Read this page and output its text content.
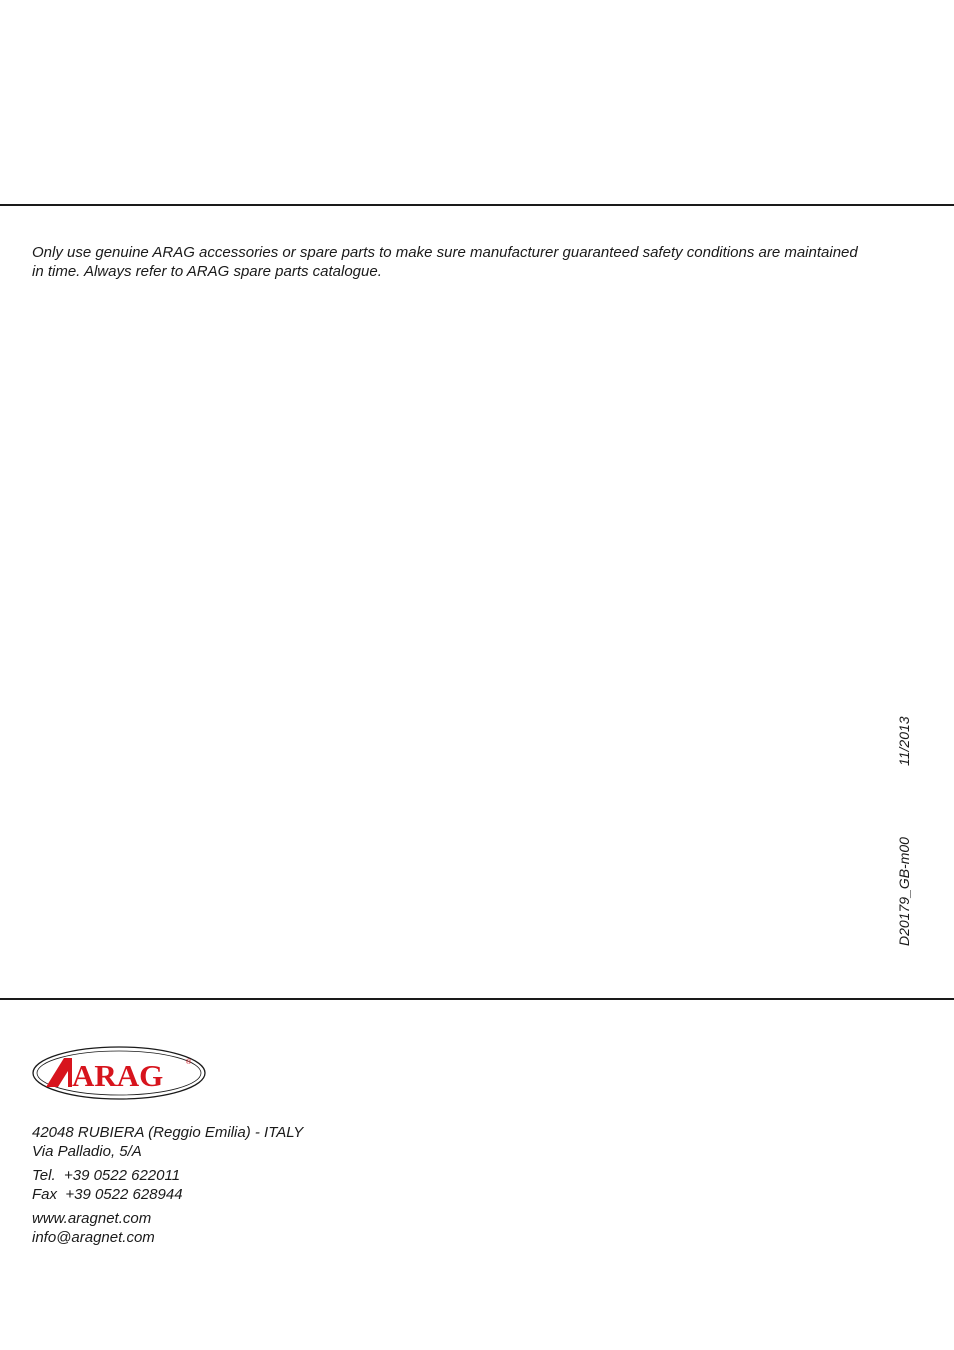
Only use genuine ARAG accessories or spare parts to make sure manufacturer guaranteed safety conditions are maintained
in time. Always refer to ARAG spare parts catalogue.

D20179_GB-m00
11/2013
ARAG	®
42048 RUBIERA (Reggio Emilia) - ITALY
Via Palladio, 5/A
Tel.  +39 0522 622011
Fax  +39 0522 628944
www.aragnet.com
info@aragnet.com
